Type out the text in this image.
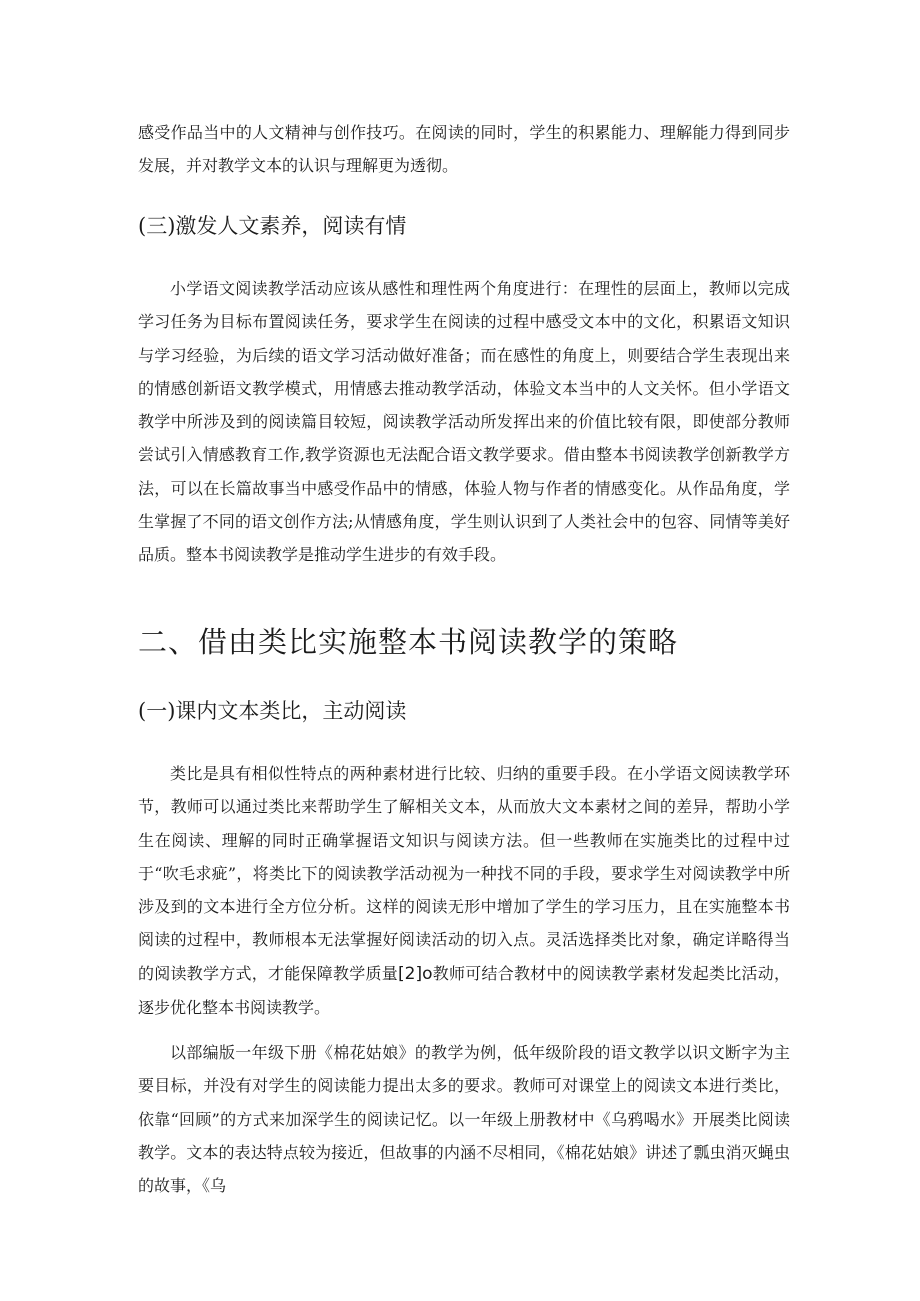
感受作品当中的人文精神与创作技巧。在阅读的同时，学生的积累能力、理解能力得到同步发展，并对教学文本的认识与理解更为透彻。

(三)激发人文素养，阅读有情

小学语文阅读教学活动应该从感性和理性两个角度进行：在理性的层面上，教师以完成学习任务为目标布置阅读任务，要求学生在阅读的过程中感受文本中的文化，积累语文知识与学习经验，为后续的语文学习活动做好准备；而在感性的角度上，则要结合学生表现出来的情感创新语文教学模式，用情感去推动教学活动，体验文本当中的人文关怀。但小学语文教学中所涉及到的阅读篇目较短，阅读教学活动所发挥出来的价值比较有限，即使部分教师尝试引入情感教育工作,教学资源也无法配合语文教学要求。借由整本书阅读教学创新教学方法，可以在长篇故事当中感受作品中的情感，体验人物与作者的情感变化。从作品角度，学生掌握了不同的语文创作方法;从情感角度，学生则认识到了人类社会中的包容、同情等美好品质。整本书阅读教学是推动学生进步的有效手段。

二、借由类比实施整本书阅读教学的策略
(一)课内文本类比，主动阅读

类比是具有相似性特点的两种素材进行比较、归纳的重要手段。在小学语文阅读教学环节，教师可以通过类比来帮助学生了解相关文本，从而放大文本素材之间的差异，帮助小学生在阅读、理解的同时正确掌握语文知识与阅读方法。但一些教师在实施类比的过程中过于“吹毛求疵”，将类比下的阅读教学活动视为一种找不同的手段，要求学生对阅读教学中所涉及到的文本进行全方位分析。这样的阅读无形中增加了学生的学习压力，且在实施整本书阅读的过程中，教师根本无法掌握好阅读活动的切入点。灵活选择类比对象，确定详略得当的阅读教学方式，才能保障教学质量[2]o教师可结合教材中的阅读教学素材发起类比活动，逐步优化整本书阅读教学。

以部编版一年级下册《棉花姑娘》的教学为例，低年级阶段的语文教学以识文断字为主要目标，并没有对学生的阅读能力提出太多的要求。教师可对课堂上的阅读文本进行类比，依靠“回顾”的方式来加深学生的阅读记忆。以一年级上册教材中《乌鸦喝水》开展类比阅读教学。文本的表达特点较为接近，但故事的内涵不尽相同，《棉花姑娘》讲述了瓢虫消灭蝇虫的故事，《乌
